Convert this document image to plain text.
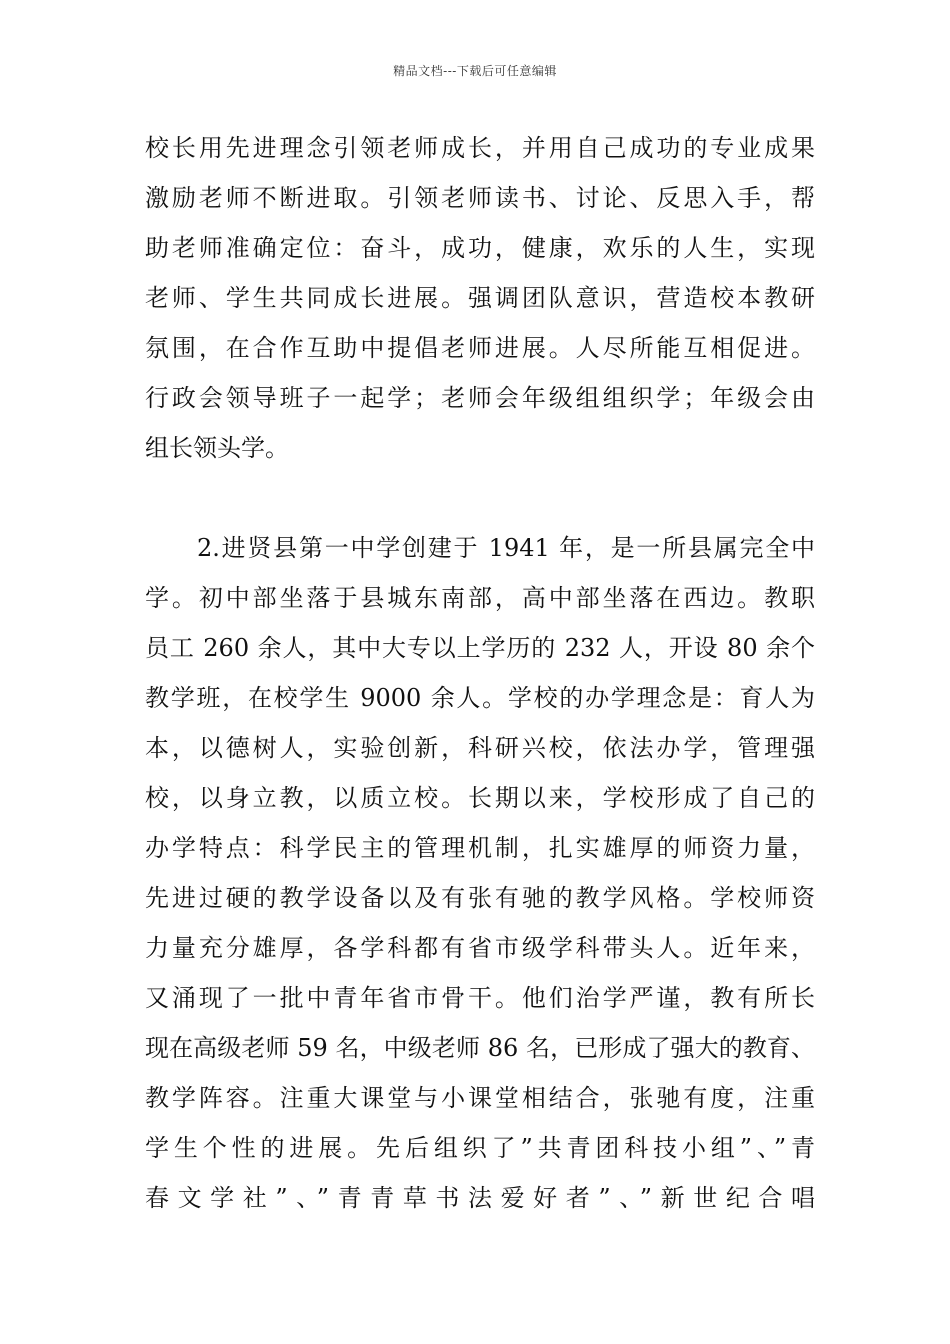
精品文档---下载后可任意编辑
校长用先进理念引领老师成长，并用自己成功的专业成果
激励老师不断进取。引领老师读书、讨论、反思入手，帮
助老师准确定位：奋斗，成功，健康，欢乐的人生，实现
老师、学生共同成长进展。强调团队意识，营造校本教研
氛围，在合作互助中提倡老师进展。人尽所能互相促进。
行政会领导班子一起学；老师会年级组组织学；年级会由
组长领头学。
2.进贤县第一中学创建于 1941 年，是一所县属完全中
学。初中部坐落于县城东南部，高中部坐落在西边。教职
员工 260 余人，其中大专以上学历的 232 人，开设 80 余个
教学班，在校学生 9000 余人。学校的办学理念是：育人为
本，以德树人，实验创新，科研兴校，依法办学，管理强
校，以身立教，以质立校。长期以来，学校形成了自己的
办学特点：科学民主的管理机制，扎实雄厚的师资力量，
先进过硬的教学设备以及有张有驰的教学风格。学校师资
力量充分雄厚，各学科都有省市级学科带头人。近年来，
又涌现了一批中青年省市骨干。他们治学严谨，教有所长
现在高级老师 59 名，中级老师 86 名，已形成了强大的教育、
教学阵容。注重大课堂与小课堂相结合，张驰有度，注重
学生个性的进展。先后组织了”共青团科技小组”、”青
春文学社”、”青青草书法爱好者”、”新世纪合唱
